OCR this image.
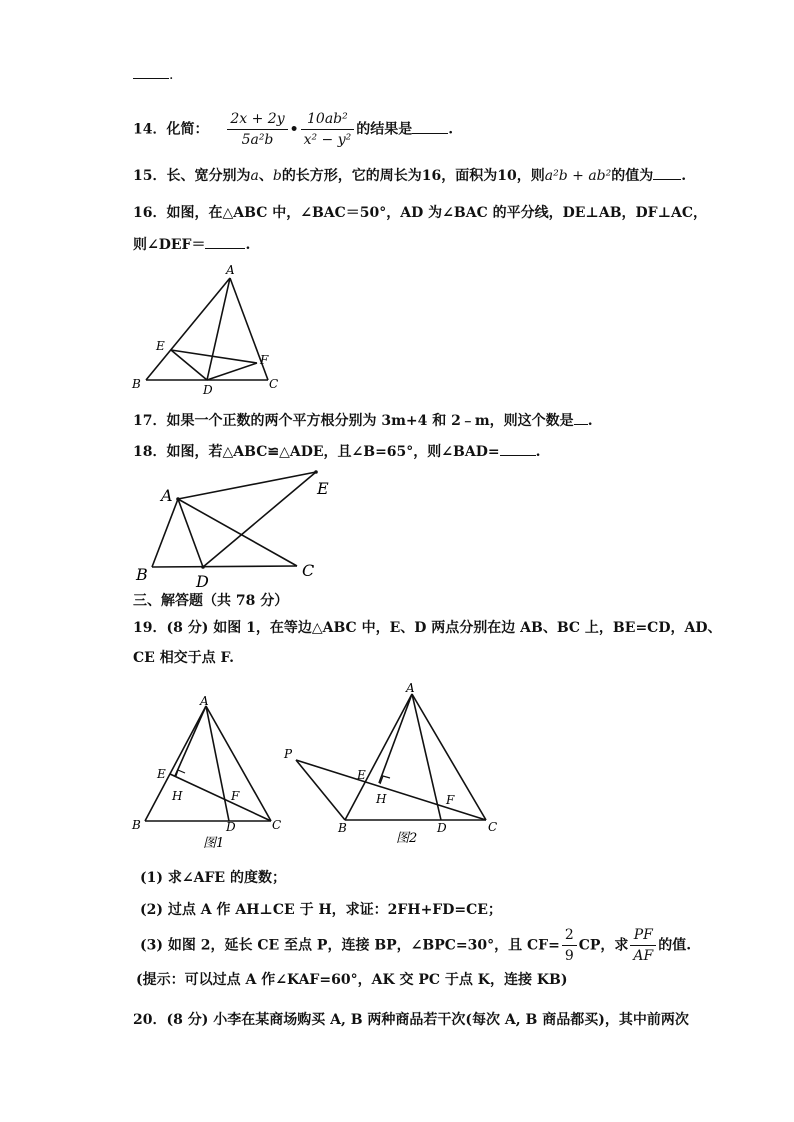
.
14．化简： $\frac{2x + 2y}{\text{5a²b}}$ • $\frac{\text{10ab²}}{\text{x² − y²}}$ 的结果是	.
15．长、宽分别为a、b的长方形，它的周长为16，面积为10，则a²b + ab²的值为 .
16．如图，在△ABC 中，∠BAC＝50°，AD 为∠BAC 的平分线，DE⊥AB，DF⊥AC，
则∠DEF＝	.
A
B	C
D
E
F
17．如果一个正数的两个平方根分别为 3m+4 和 2﹣m，则这个数是 .
18．如图，若△ABC≌△ADE，且∠B=65°，则∠BAD=	.
A
B	C
D
E
三、解答题（共 78 分）
19．(8 分) 如图 1，在等边△ABC 中，E、D 两点分别在边 AB、BC 上，BE=CD，AD、
CE 相交于点 F.
A
B	C
D
E
F
H
图1
A
B	C
D
E
F
H
P
图2
(1) 求∠AFE 的度数；
(2) 过点 A 作 AH⊥CE 于 H，求证：2FH+FD=CE；
(3) 如图 2，延长 CE 至点 P，连接 BP，∠BPC=30°，且 $CF= \frac{2}{9}$ CP，求 $\frac{PF}{AF}$ 的值.
(提示：可以过点 A 作∠KAF=60°，AK 交 PC 于点 K，连接 KB)
20．(8 分) 小李在某商场购买 A, B 两种商品若干次(每次 A, B 商品都买)，其中前两次
